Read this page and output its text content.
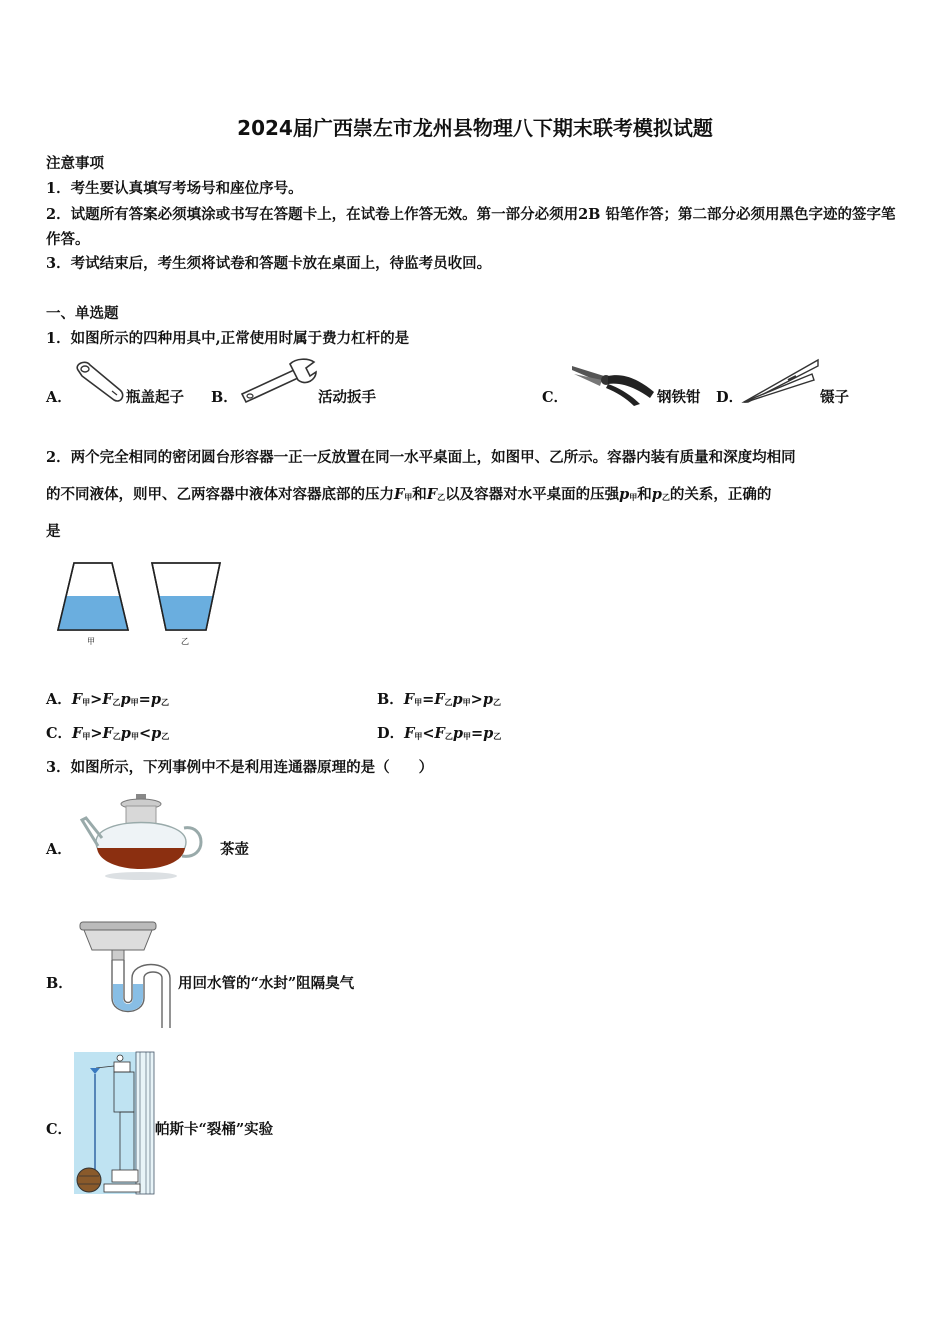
2024届广西崇左市龙州县物理八下期末联考模拟试题
注意事项
1．考生要认真填写考场号和座位序号。
2．试题所有答案必须填涂或书写在答题卡上，在试卷上作答无效。第一部分必须用2B 铅笔作答；第二部分必须用黑色字迹的签字笔作答。
3．考试结束后，考生须将试卷和答题卡放在桌面上，待监考员收回。
一、单选题
1．如图所示的四种用具中,正常使用时属于费力杠杆的是
A．	瓶盖起子 B．	活动扳手	C．	钢铁钳 D．	镊子
2．两个完全相同的密闭圆台形容器一正一反放置在同一水平桌面上，如图甲、乙所示。容器内装有质量和深度均相同
的不同液体，则甲、乙两容器中液体对容器底部的压力$F_甲$和$F_乙$以及容器对水平桌面的压强$p_甲$和$p_乙$的关系，正确的
是
甲	乙
A．$F_甲>F_乙p_甲=p_乙$	B．$F_甲=F_乙p_甲>p_乙$
C．$F_甲>F_乙p_甲<p_乙$	D．$F_甲<F_乙p_甲=p_乙$
3．如图所示，下列事例中不是利用连通器原理的是（　　）
A．	茶壶
B．	用回水管的“水封”阻隔臭气
C．	帕斯卡“裂桶”实验
